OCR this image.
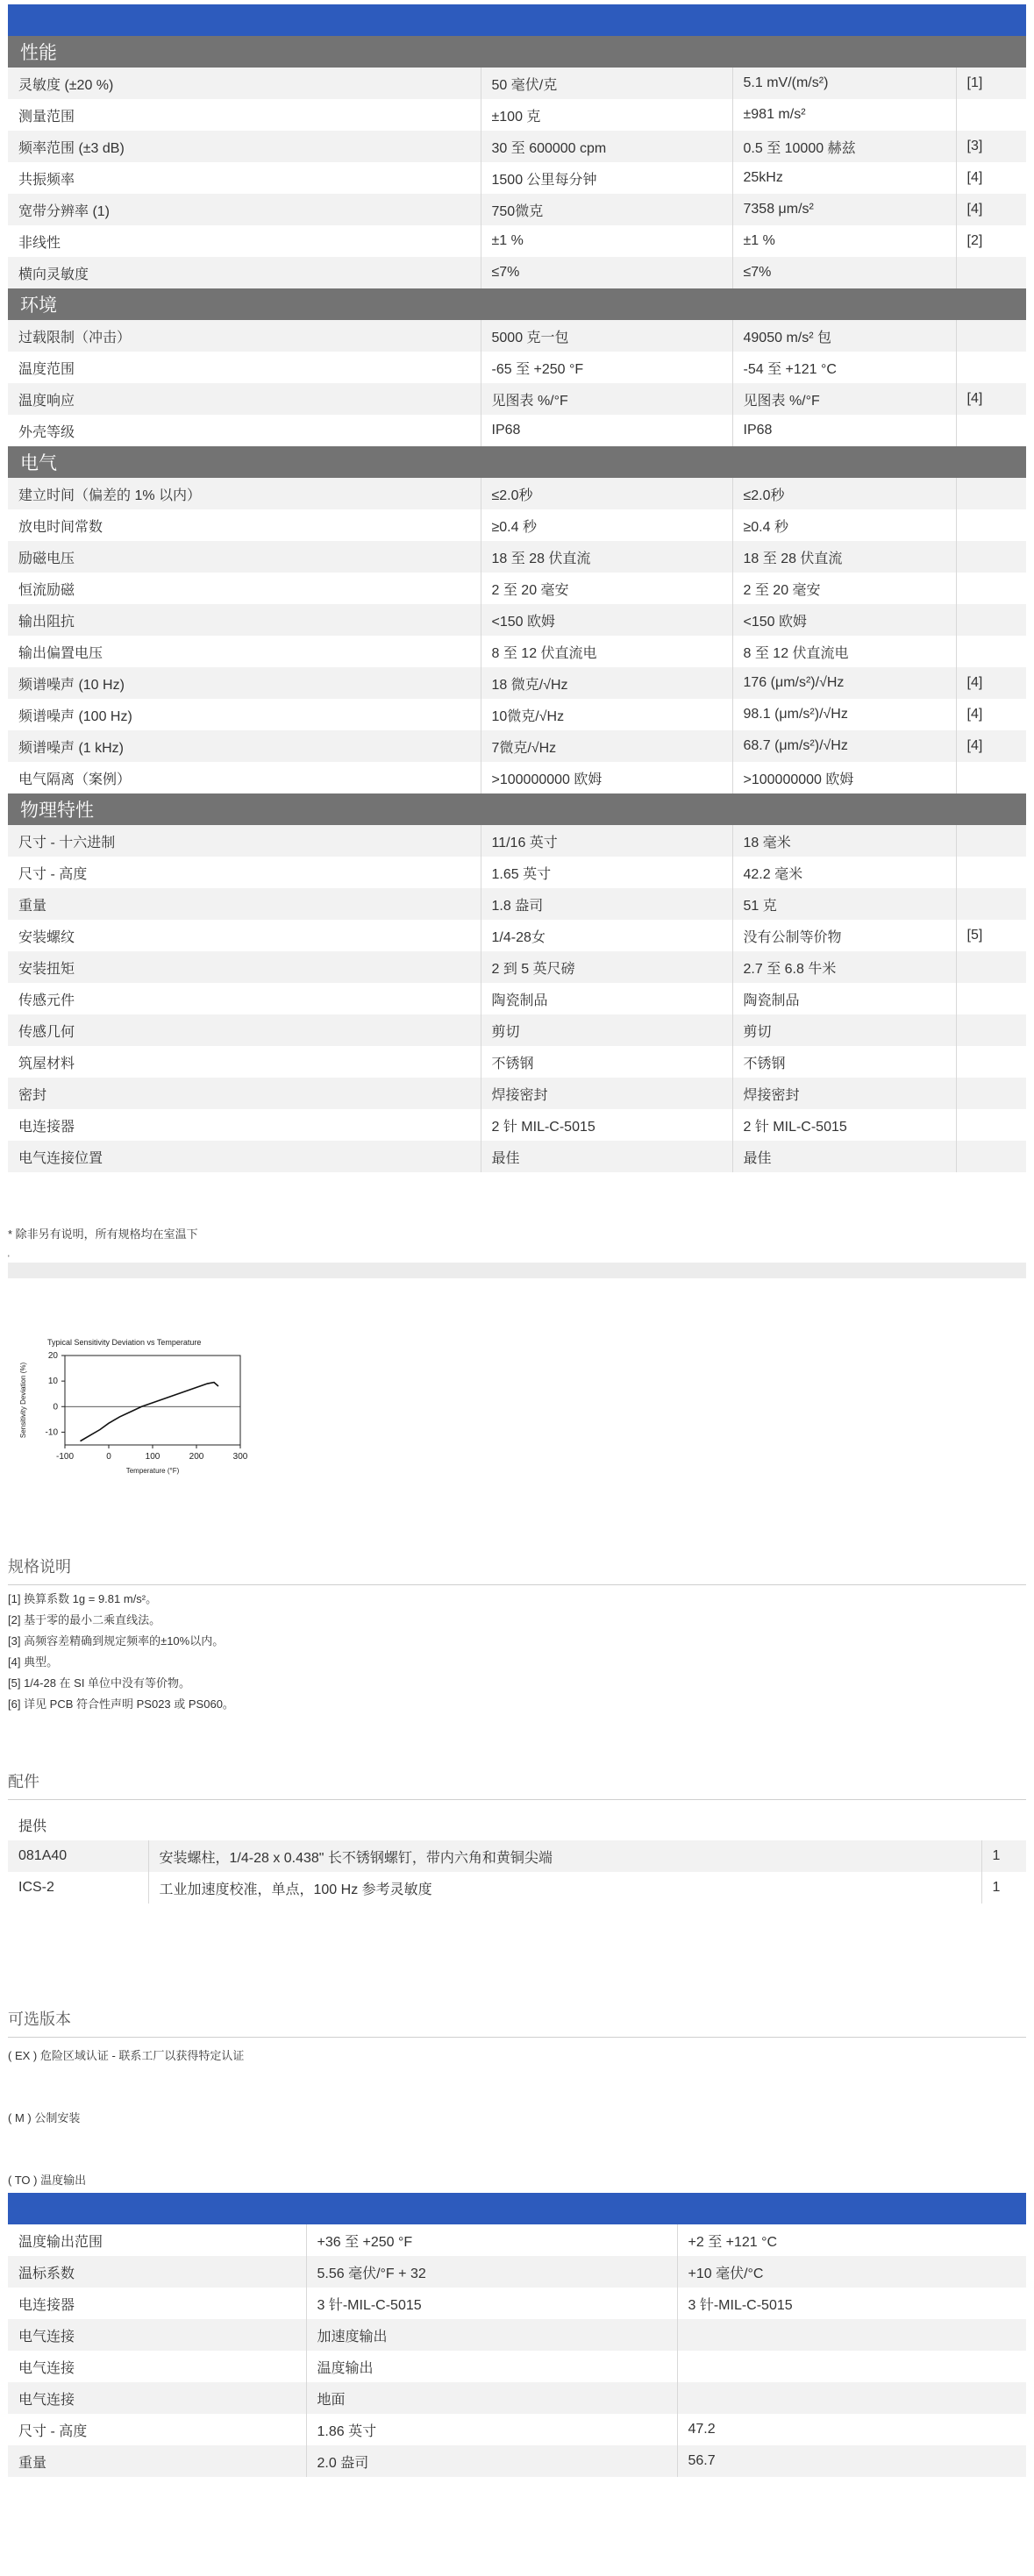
性能
灵敏度 (±20 %)	50 毫伏/克	5.1 mV/(m/s²)	[1]
测量范围	±100 克	±981 m/s²	
频率范围 (±3 dB)	30 至 600000 cpm	0.5 至 10000 赫兹	[3]
共振频率	1500 公里每分钟	25kHz	[4]
宽带分辨率 (1)	750微克	7358 μm/s²	[4]
非线性	±1 %	±1 %	[2]
横向灵敏度	≤7%	≤7%	
环境
过载限制（冲击）	5000 克一包	49050 m/s² 包	
温度范围	-65 至 +250 °F	-54 至 +121 °C	
温度响应	见图表 %/°F	见图表 %/°F	[4]
外壳等级	IP68	IP68	
电气
建立时间（偏差的 1% 以内）	≤2.0秒	≤2.0秒	
放电时间常数	≥0.4 秒	≥0.4 秒	
励磁电压	18 至 28 伏直流	18 至 28 伏直流	
恒流励磁	2 至 20 毫安	2 至 20 毫安	
输出阻抗	<150 欧姆	<150 欧姆	
输出偏置电压	8 至 12 伏直流电	8 至 12 伏直流电	
频谱噪声 (10 Hz)	18 微克/√Hz	176 (μm/s²)/√Hz	[4]
频谱噪声 (100 Hz)	10微克/√Hz	98.1 (μm/s²)/√Hz	[4]
频谱噪声 (1 kHz)	7微克/√Hz	68.7 (μm/s²)/√Hz	[4]
电气隔离（案例）	>100000000 欧姆	>100000000 欧姆	
物理特性
尺寸 - 十六进制	11/16 英寸	18 毫米	
尺寸 - 高度	1.65 英寸	42.2 毫米	
重量	1.8 盎司	51 克	
安装螺纹	1/4-28女	没有公制等价物	[5]
安装扭矩	2 到 5 英尺磅	2.7 至 6.8 牛米	
传感元件	陶瓷制品	陶瓷制品	
传感几何	剪切	剪切	
筑屋材料	不锈钢	不锈钢	
密封	焊接密封	焊接密封	
电连接器	2 针 MIL-C-5015	2 针 MIL-C-5015	
电气连接位置	最佳	最佳	
* 除非另有说明，所有规格均在室温下
'
Typical Sensitivity Deviation vs Temperature
-100	0	100	200	300
20
10
0
-10
Temperature (°F)
Sensitivity Deviation (%)
规格说明
[1] 换算系数 1g = 9.81 m/s²。
[2] 基于零的最小二乘直线法。
[3] 高频容差精确到规定频率的±10%以内。
[4] 典型。
[5] 1/4-28 在 SI 单位中没有等价物。
[6] 详见 PCB 符合性声明 PS023 或 PS060。
配件
提供		
081A40	安装螺柱，1/4-28 x 0.438" 长不锈钢螺钉，带内六角和黄铜尖端	1
ICS-2	工业加速度校准，单点，100 Hz 参考灵敏度	1
可选版本
( EX ) 危险区域认证 - 联系工厂以获得特定认证
( M ) 公制安装
( TO ) 温度输出
温度输出范围	+36 至 +250 °F	+2 至 +121 °C
温标系数	5.56 毫伏/°F + 32	+10 毫伏/°C
电连接器	3 针-MIL-C-5015	3 针-MIL-C-5015
电气连接	加速度输出	
电气连接	温度输出	
电气连接	地面	
尺寸 - 高度	1.86 英寸	47.2
重量	2.0 盎司	56.7
